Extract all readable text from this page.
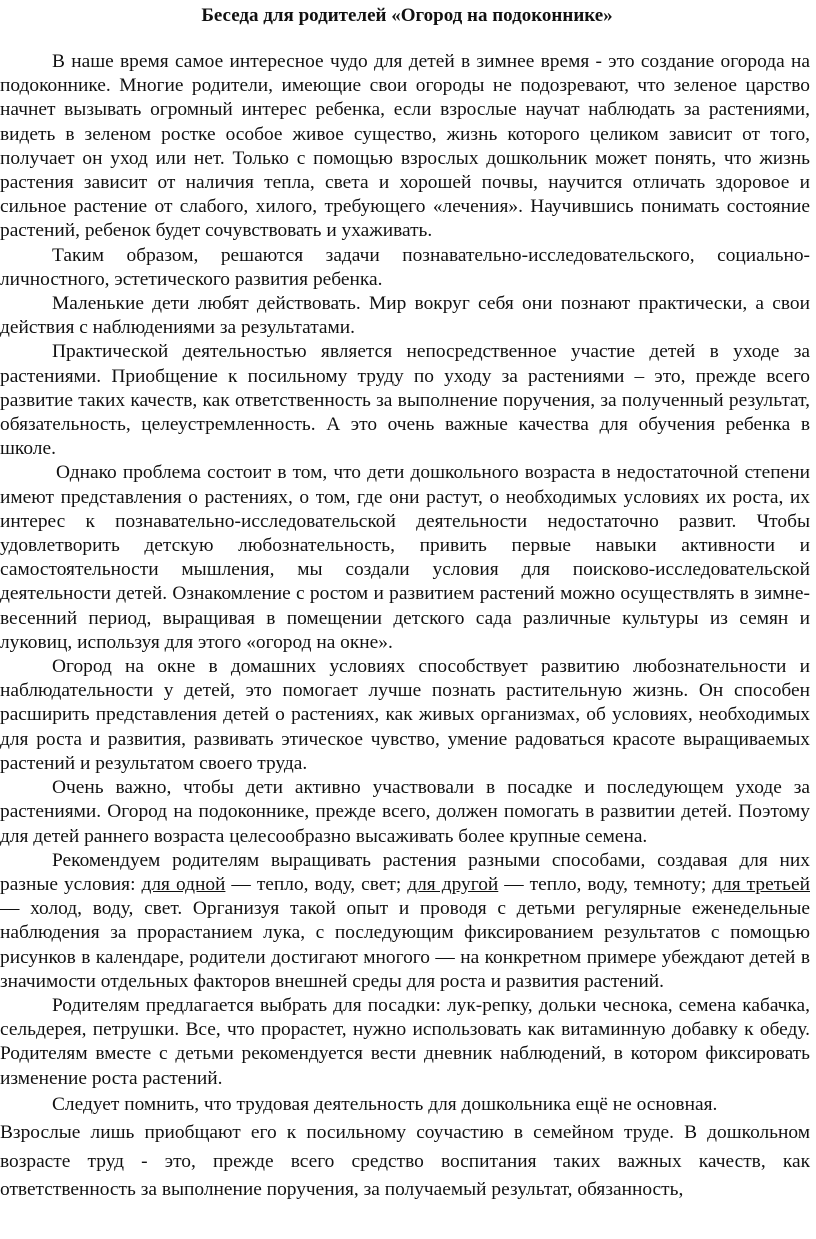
Беседа для родителей «Огород на подоконнике»

В наше время самое интересное чудо для детей в зимнее время - это создание огорода на подоконнике. Многие родители, имеющие свои огороды не подозревают, что зеленое царство начнет вызывать огромный интерес ребенка, если взрослые научат наблюдать за растениями, видеть в зеленом ростке особое живое существо, жизнь которого целиком зависит от того, получает он уход или нет. Только с помощью взрослых дошкольник может понять, что жизнь растения зависит от наличия тепла, света и хорошей почвы, научится отличать здоровое и сильное растение от слабого, хилого, требующего «лечения». Научившись понимать состояние растений, ребенок будет сочувствовать и ухаживать.

Таким образом, решаются задачи познавательно-исследовательского, социально-личностного, эстетического развития ребенка.

Маленькие дети любят действовать. Мир вокруг себя они познают практически, а свои действия с наблюдениями за результатами.

Практической деятельностью является непосредственное участие детей в уходе за растениями. Приобщение к посильному труду по уходу за растениями – это, прежде всего развитие таких качеств, как ответственность за выполнение поручения, за полученный результат, обязательность, целеустремленность. А это очень важные качества для обучения ребенка в школе.

Однако проблема состоит в том, что дети дошкольного возраста в недостаточной степени имеют представления о растениях, о том, где они растут, о необходимых условиях их роста, их интерес к познавательно-исследовательской деятельности недостаточно развит. Чтобы удовлетворить детскую любознательность, привить первые навыки активности и самостоятельности мышления, мы создали условия для поисково-исследовательской деятельности детей. Ознакомление с ростом и развитием растений можно осуществлять в зимне-весенний период, выращивая в помещении детского сада различные культуры из семян и луковиц, используя для этого «огород на окне».

Огород на окне в домашних условиях способствует развитию любознательности и наблюдательности у детей, это помогает лучше познать растительную жизнь. Он способен расширить представления детей о растениях, как живых организмах, об условиях, необходимых для роста и развития, развивать этическое чувство, умение радоваться красоте выращиваемых растений и результатом своего труда.

Очень важно, чтобы дети активно участвовали в посадке и последующем уходе за растениями. Огород на подоконнике, прежде всего, должен помогать в развитии детей. Поэтому для детей раннего возраста целесообразно высаживать более крупные семена.

Рекомендуем родителям выращивать растения разными способами, создавая для них разные условия: для одной — тепло, воду, свет; для другой — тепло, воду, темноту; для третьей — холод, воду, свет. Организуя такой опыт и проводя с детьми регулярные еженедельные наблюдения за прорастанием лука, с последующим фиксированием результатов с помощью рисунков в календаре, родители достигают многого — на конкретном примере убеждают детей в значимости отдельных факторов внешней среды для роста и развития растений.

Родителям предлагается выбрать для посадки: лук-репку, дольки чеснока, семена кабачка, сельдерея, петрушки. Все, что прорастет, нужно использовать как витаминную добавку к обеду. Родителям вместе с детьми рекомендуется вести дневник наблюдений, в котором фиксировать изменение роста растений.

Следует помнить, что трудовая деятельность для дошкольника ещё не основная.

Взрослые лишь приобщают его к посильному соучастию в семейном труде. В дошкольном возрасте труд - это, прежде всего средство воспитания таких важных качеств, как ответственность за выполнение поручения, за получаемый результат, обязанность,
